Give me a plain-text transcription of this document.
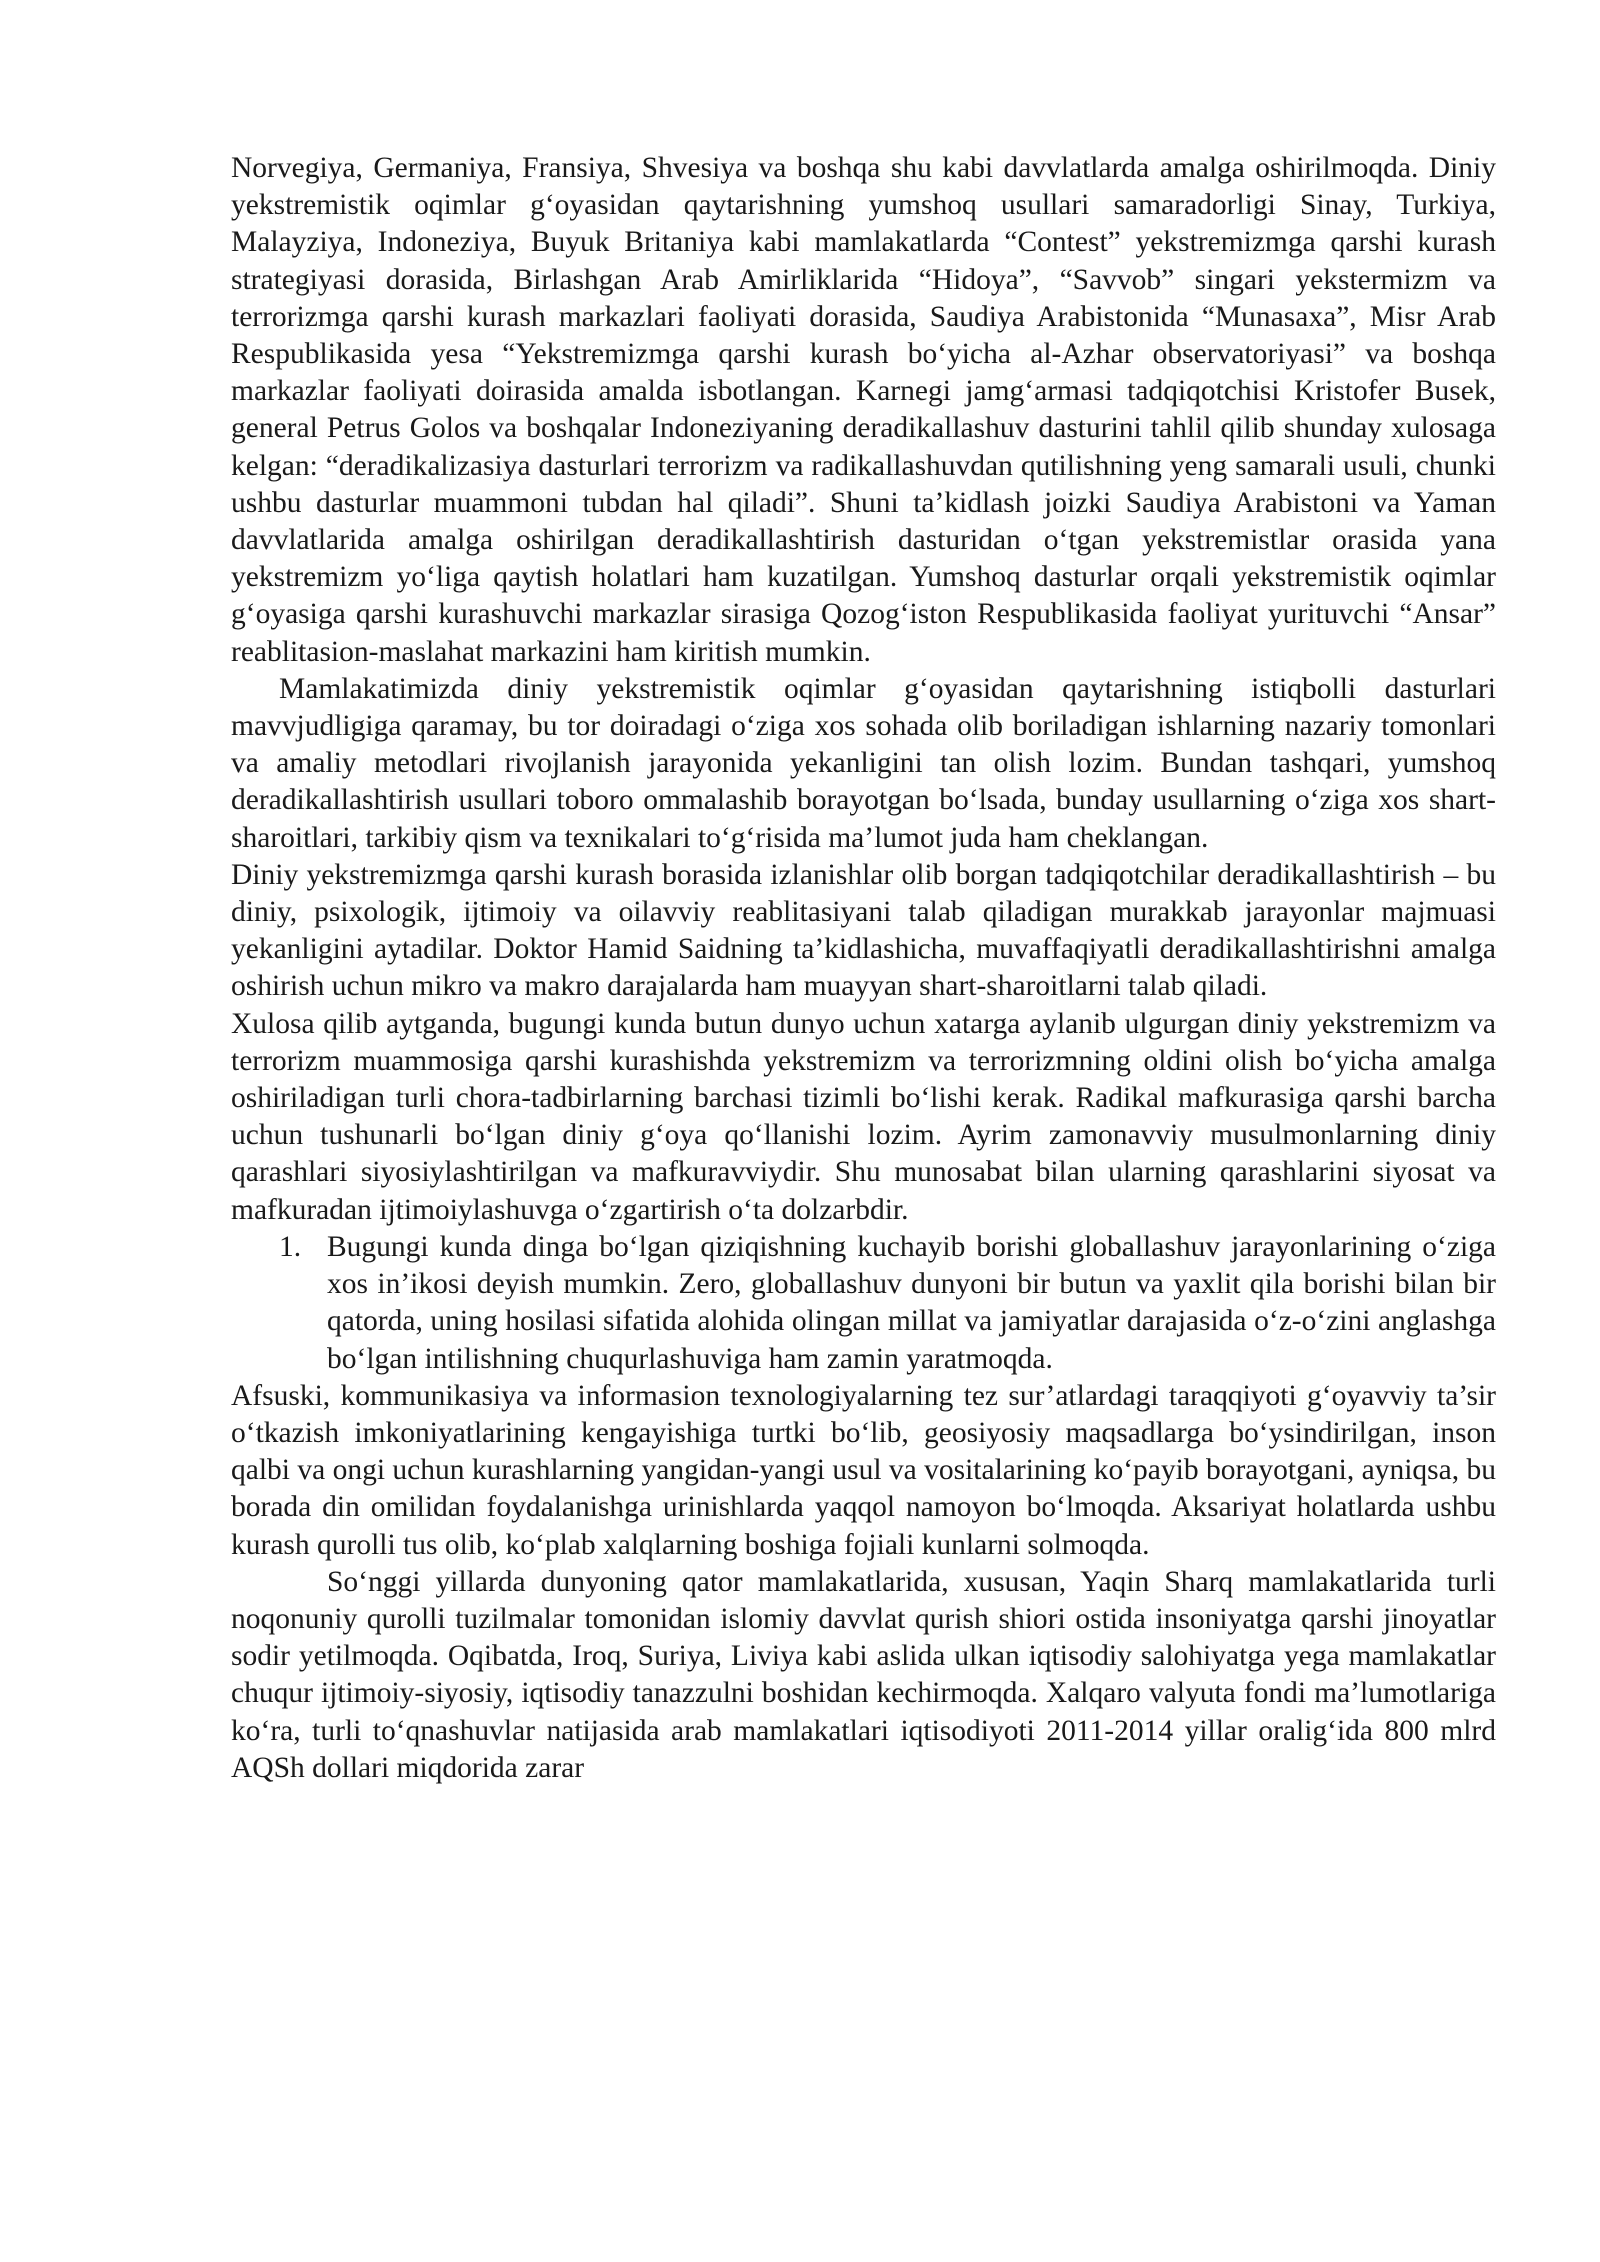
Norvegiya, Germaniya, Fransiya, Shvesiya va boshqa shu kabi davvlatlarda amalga oshirilmoqda. Diniy yekstremistik oqimlar g‘oyasidan qaytarishning yumshoq usullari samaradorligi Sinay, Turkiya, Malayziya, Indoneziya, Buyuk Britaniya kabi mamlakatlarda “Contest” yekstremizmga qarshi kurash strategiyasi dorasida, Birlashgan Arab Amirliklarida “Hidoya”, “Savvob” singari yekstermizm va terrorizmga qarshi kurash markazlari faoliyati dorasida, Saudiya Arabistonida “Munasaxa”, Misr Arab Respublikasida yesa “Yekstremizmga qarshi kurash bo‘yicha al-Azhar observatoriyasi” va boshqa markazlar faoliyati doirasida amalda isbotlangan. Karnegi jamg‘armasi tadqiqotchisi Kristofer Busek, general Petrus Golos va boshqalar Indoneziyaning deradikallashuv dasturini tahlil qilib shunday xulosaga kelgan: “deradikalizasiya dasturlari terrorizm va radikallashuvdan qutilishning yeng samarali usuli, chunki ushbu dasturlar muammoni tubdan hal qiladi”. Shuni ta’kidlash joizki Saudiya Arabistoni va Yaman davvlatlarida amalga oshirilgan deradikallashtirish dasturidan o‘tgan yekstremistlar orasida yana yekstremizm yo‘liga qaytish holatlari ham kuzatilgan. Yumshoq dasturlar orqali yekstremistik oqimlar g‘oyasiga qarshi kurashuvchi markazlar sirasiga Qozog‘iston Respublikasida faoliyat yurituvchi “Ansar” reablitasion-maslahat markazini ham kiritish mumkin.

Mamlakatimizda diniy yekstremistik oqimlar g‘oyasidan qaytarishning istiqbolli dasturlari mavvjudligiga qaramay, bu tor doiradagi o‘ziga xos sohada olib boriladigan ishlarning nazariy tomonlari va amaliy metodlari rivojlanish jarayonida yekanligini tan olish lozim. Bundan tashqari, yumshoq deradikallashtirish usullari toboro ommalashib borayotgan bo‘lsada, bunday usullarning o‘ziga xos shart-sharoitlari, tarkibiy qism va texnikalari to‘g‘risida ma’lumot juda ham cheklangan.

Diniy yekstremizmga qarshi kurash borasida izlanishlar olib borgan tadqiqotchilar deradikallashtirish – bu diniy, psixologik, ijtimoiy va oilavviy reablitasiyani talab qiladigan murakkab jarayonlar majmuasi yekanligini aytadilar. Doktor Hamid Saidning ta’kidlashicha, muvaffaqiyatli deradikallashtirishni amalga oshirish uchun mikro va makro darajalarda ham muayyan shart-sharoitlarni talab qiladi.

Xulosa qilib aytganda, bugungi kunda butun dunyo uchun xatarga aylanib ulgurgan diniy yekstremizm va terrorizm muammosiga qarshi kurashishda yekstremizm va terrorizmning oldini olish bo‘yicha amalga oshiriladigan turli chora-tadbirlarning barchasi tizimli bo‘lishi kerak. Radikal mafkurasiga qarshi barcha uchun tushunarli bo‘lgan diniy g‘oya qo‘llanishi lozim. Ayrim zamonavviy musulmonlarning diniy qarashlari siyosiylashtirilgan va mafkuravviydir. Shu munosabat bilan ularning qarashlarini siyosat va mafkuradan ijtimoiylashuvga o‘zgartirish o‘ta dolzarbdir.

1. Bugungi kunda dinga bo‘lgan qiziqishning kuchayib borishi globallashuv jarayonlarining o‘ziga xos in’ikosi deyish mumkin. Zero, globallashuv dunyoni bir butun va yaxlit qila borishi bilan bir qatorda, uning hosilasi sifatida alohida olingan millat va jamiyatlar darajasida o‘z-o‘zini anglashga bo‘lgan intilishning chuqurlashuviga ham zamin yaratmoqda.

Afsuski, kommunikasiya va informasion texnologiyalarning tez sur’atlardagi taraqqiyoti g‘oyavviy ta’sir o‘tkazish imkoniyatlarining kengayishiga turtki bo‘lib, geosiyosiy maqsadlarga bo‘ysindirilgan, inson qalbi va ongi uchun kurashlarning yangidan-yangi usul va vositalarining ko‘payib borayotgani, ayniqsa, bu borada din omilidan foydalanishga urinishlarda yaqqol namoyon bo‘lmoqda. Aksariyat holatlarda ushbu kurash qurolli tus olib, ko‘plab xalqlarning boshiga fojiali kunlarni solmoqda.

So‘nggi yillarda dunyoning qator mamlakatlarida, xususan, Yaqin Sharq mamlakatlarida turli noqonuniy qurolli tuzilmalar tomonidan islomiy davvlat qurish shiori ostida insoniyatga qarshi jinoyatlar sodir yetilmoqda. Oqibatda, Iroq, Suriya, Liviya kabi aslida ulkan iqtisodiy salohiyatga yega mamlakatlar chuqur ijtimoiy-siyosiy, iqtisodiy tanazzulni boshidan kechirmoqda. Xalqaro valyuta fondi ma’lumotlariga ko‘ra, turli to‘qnashuvlar natijasida arab mamlakatlari iqtisodiyoti 2011-2014 yillar oralig‘ida 800 mlrd AQSh dollari miqdorida zarar
